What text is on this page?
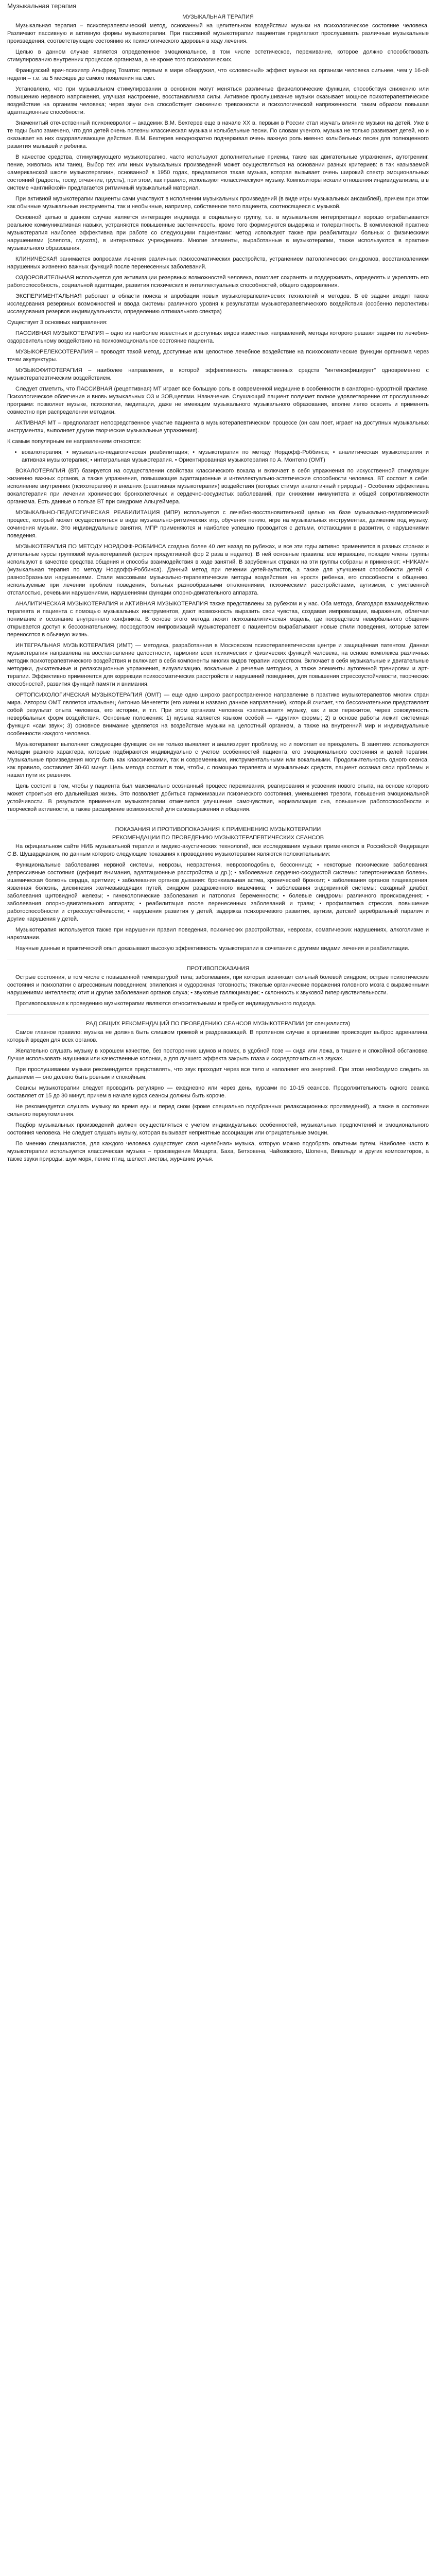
Музыкальная терапия
МУЗЫКАЛЬНАЯ ТЕРАПИЯ

Музыкальная терапия – психотерапевтический метод, основанный на целительном воздействии музыки на психологическое состояние человека. Различают пассивную и активную формы музыкотерапии. При пассивной музыкотерапии пациентам предлагают прослушивать различные музыкальные произведения, соответствующие состоянию их психологического здоровья в ходу лечения.

Целью в данном случае является определенное эмоциональное, в том числе эстетическое, переживание, которое должно способствовать стимулированию внутренних процессов организма, а не кроме того психологических.

Французский врач-психиатр Альфред Томатис первым в мире обнаружил, что «словесный» эффект музыки на организм человека сильнее, чем у 16-ой недели – т.е. за 5 месяцев до самого появления на свет.

Установлено, что при музыкальном стимулировании в основном могут меняться различные физиологические функции, способствуя снижению или повышению нервного напряжения, улучшая настроение, восстанавливая силы. Активное прослушивание музыки оказывает мощное психотерапевтическое воздействие на организм человека; через звуки она способствует снижению тревожности и психологической напряженности, таким образом повышая адаптационные способности.

Знаменитый отечественный психоневролог – академик В.М. Бехтерев еще в начале XX в. первым в России стал изучать влияние музыки на детей. Уже в те годы было замечено, что для детей очень полезны классическая музыка и колыбельные песни. По словам ученого, музыка не только развивает детей, но и оказывает на них оздоравливающее действие. В.М. Бехтерев неоднократно подчеркивал очень важную роль именно колыбельных песен для полноценного развития малышей и ребенка.

В качестве средства, стимулирующего музыкотерапию, часто используют дополнительные приемы, такие как двигательные упражнения, аутотренинг, пение, живопись или танец. Выбор тех или иных музыкальных произведений может осуществляться на основании разных критериев: в так называемой «американской школе музыкотерапии», основанной в 1950 годах, предлагается такая музыка, которая вызывает очень широкий спектр эмоциональных состояний (радость, тоску, отчаяние, грусть), при этом, как правило, используют «классическую» музыку. Композиторы искали отношения индивидуализма, а в системе «английской» предлагается ритмичный музыкальный материал.

При активной музыкотерапии пациенты сами участвуют в исполнении музыкальных произведений (в виде игры музыкальных ансамблей), причем при этом как обычные музыкальные инструменты, так и необычные, например, собственное тело пациента, соотносящееся с музыкой.

Основной целью в данном случае является интеграция индивида в социальную группу, т.е. в музыкальном интерпретации хорошо отрабатывается реальное коммуникативная навыки, устраняются повышенные застенчивость, кроме того формируются выдержка и толерантность. В комплексной практике музыкотерапия наиболее эффективна при работе со следующими пациентами: метод используют также при реабилитации больных с физическими нарушениями (слепота, глухота), в интернатных учреждениях. Многие элементы, выработанные в музыкотерапии, также используются в практике музыкального образования.

КЛИНИЧЕСКАЯ занимается вопросами лечения различных психосоматических расстройств, устранением патологических синдромов, восстановлением нарушенных жизненно важных функций после перенесенных заболеваний.

ОЗДОРОВИТЕЛЬНАЯ используется для активизации резервных возможностей человека, помогает сохранять и поддерживать, определять и укреплять его работоспособность, социальной адаптации, развития психических и интеллектуальных способностей, общего оздоровления.

ЭКСПЕРИМЕНТАЛЬНАЯ работает в области поиска и апробации новых музыкотерапевтических технологий и методов. В её задачи входит также исследования резервных возможностей и ввода системы различного уровня к результатам музыкотерапевтического воздействия (особенно перспективы исследования резервов индивидуальности, определению оптимального спектра)

Существует 3 основных направления:

ПАССИВНАЯ МУЗЫКОТЕРАПИЯ – одно из наиболее известных и доступных видов известных направлений, методы которого решают задачи по лечебно-оздоровительному воздействию на психоэмоциональное состояние пациента.

МУЗЫКОРЕЛЕКСОТЕРАПИЯ – проводят такой метод, доступные или целостное лечебное воздействие на психосоматические функции организма через точки акупунктуры.

МУЗЫКОФИТОТЕРАПИЯ – наиболее направления, в которой эффективность лекарственных средств "интенсифицирует" одновременно с музыкотерапевтическим воздействием.

Следует отметить, что ПАССИВНАЯ (рецептивная) МТ играет все большую роль в современной медицине в особенности в санаторно-курортной практике. Психологическое облегчение и вновь музыкальных ОЗ и ЗОВ,цепями. Назначение. Слушающий пациент получает полное удовлетворение от прослушанных программ: позволяет музыке, психологии, медитации, даже не имеющим музыкального музыкального образования, вполне легко освоить и применять совместно при распределении методики.

АКТИВНАЯ МТ – предполагает непосредственное участие пациента в музыкотерапевтическом процессе (он сам поет, играет на доступных музыкальных инструментах, выполняет другие творческие музыкальные упражнения).

К самым популярным ее направлениям относятся:

• вокалотерапия; • музыкально-педагогическая реабилитация; • музыкотерапия по методу Нордофф-Роббинса; • аналитическая музыкотерапия и активная музыкотерапия; • интегральная музыкотерапия. • Ориентированная музыкотерапия по А. Монтегю (ОМТ)

ВОКАЛОТЕРАПИЯ (ВТ) базируется на осуществлении свойствах классического вокала и включает в себя упражнения по искусственной стимуляции жизненно важных органов, а также упражнения, повышающие адаптационные и интеллектуально-эстетические способности человека. ВТ состоит в себе: исполнение внутренних (психотерапия) и внешних (реактивная музыкотерапия) воздействия (которых стимул аналогичный природы) - Особенно эффективна вокалотерапия при лечении хронических бронхолегочных и сердечно-сосудистых заболеваний, при снижении иммунитета и общей сопротивляемости организма. Есть данные о пользе ВТ при синдроме Альцгеймера.

МУЗЫКАЛЬНО-ПЕДАГОГИЧЕСКАЯ РЕАБИЛИТАЦИЯ (МПР) используется с лечебно-восстановительной целью на базе музыкально-педагогический процесс, который может осуществляться в виде музыкально-ритмических игр, обучения пению, игре на музыкальных инструментах, движение под музыку, сочинения музыки. Это индивидуальные занятия, МПР применяются и наиболее успешно проводится с детьми, отстающими в развитии, с нарушениями поведения.

МУЗЫКОТЕРАПИЯ ПО МЕТОДУ НОРДОФФ-РОББИНСА создана более 40 лет назад по рубежах, и все эти годы активно применяется в разных странах и длительные курсы групповой музыкотерапией (встреч продуктивной фор 2 раза в неделю). В ней основные правила: все играющие, поющие члены группы используют в качестве средства общения и способы взаимодействия в ходе занятий. В зарубежных странах на эти группы собраны и применяют: «НИКАМ» (музыкальная терапия по методу Нордофф-Роббинса). Данный метод при лечении детей-аутистов, а также для улучшения способности детей с разнообразными нарушениями. Стали массовыми музыкально-терапевтические методы воздействия на «рост» ребенка, его способности к общению, используемые при лечении проблем поведения, больных разнообразными отклонениями, психическими расстройствами, аутизмом, с умственной отсталостью, речевыми нарушениями, нарушениями функции опорно-двигательного аппарата.

АНАЛИТИЧЕСКАЯ МУЗЫКОТЕРАПИЯ и АКТИВНАЯ МУЗЫКОТЕРАПИЯ также представлены за рубежом и у нас. Оба метода, благодаря взаимодействию терапевта и пациента с помощью музыкальных инструментов, дают возможность выразить свои чувства, создавая импровизации, выражения, облегчая понимание и осознание внутреннего конфликта. В основе этого метода лежит психоаналитическая модель, где посредством невербального общения открывается доступ к бессознательному, посредством импровизаций музыкотерапевт с пациентом вырабатывают новые стили поведения, которые затем переносятся в обычную жизнь.

ИНТЕГРАЛЬНАЯ МУЗЫКОТЕРАПИЯ (ИМТ) — методика, разработанная в Московском психотерапевтическом центре и защищённая патентом. Данная музыкотерапия направлена на восстановление целостности, гармонии всех психических и физических функций человека, на основе комплекса различных методик психотерапевтического воздействия и включает в себя компоненты многих видов терапии искусством. Включает в себя музыкальные и двигательные методики, дыхательные и релаксационные упражнения, визуализацию, вокальные и речевые методики, а также элементы аутогенной тренировки и арт-терапии. Эффективно применяется для коррекции психосоматических расстройств и нарушений поведения, для повышения стрессоустойчивости, творческих способностей, развития функций памяти и внимания.

ОРТОПСИХОЛОГИЧЕСКАЯ МУЗЫКОТЕРАПИЯ (ОМТ) — еще одно широко распространенное направление в практике музыкотерапевтов многих стран мира. Автором ОМТ является итальянец Антонио Менегетти (его имени и названо данное направление), который считает, что бессознательное представляет собой результат опыта человека, его истории, и т.п. При этом организм человека «записывает» музыку, как и все пережитое, через совокупность невербальных форм воздействия. Основные положения: 1) музыка является языком особой — «других» формы; 2) в основе работы лежит системная функция «сам звук»; 3) основное внимание уделяется на воздействие музыки на целостный организм, а также на внутренний мир и индивидуальные особенности каждого человека.

Музыкотерапевт выполняет следующие функции: он не только выявляет и анализирует проблему, но и помогает ее преодолеть. В занятиях используются мелодии разного характера, которые подбираются индивидуально с учетом особенностей пациента, его эмоционального состояния и целей терапии. Музыкальные произведения могут быть как классическими, так и современными, инструментальными или вокальными. Продолжительность одного сеанса, как правило, составляет 30-60 минут. Цель метода состоит в том, чтобы, с помощью терапевта и музыкальных средств, пациент осознал свои проблемы и нашел пути их решения.

Цель состоит в том, чтобы у пациента был максимально осознанный процесс переживания, реагирования и усвоения нового опыта, на основе которого может строиться его дальнейшая жизнь. Это позволяет добиться гармонизации психического состояния, уменьшения тревоги, повышения эмоциональной устойчивости. В результате применения музыкотерапии отмечается улучшение самочувствия, нормализация сна, повышение работоспособности и творческой активности, а также расширение возможностей для самовыражения и общения.

ПОКАЗАНИЯ И ПРОТИВОПОКАЗАНИЯ К ПРИМЕНЕНИЮ МУЗЫКОТЕРАПИИ
РЕКОМЕНДАЦИИ ПО ПРОВЕДЕНИЮ МУЗЫКОТЕРАПЕВТИЧЕСКИХ СЕАНСОВ

На официальном сайте НИБ музыкальной терапии и медико-акустических технологий, все исследования музыки применяются в Российской Федерации С.В. Шушарджаном, по данным которого следующие показания к проведению музыкотерапии являются положительными:

Функциональные заболевания нервной системы, неврозы, неврастения, неврозоподобные, бессонница; • некоторые психические заболевания: депрессивные состояния (дефицит внимания, адаптационные расстройства и др.); • заболевания сердечно-сосудистой системы: гипертоническая болезнь, ишемическая болезнь сердца, аритмии; • заболевания органов дыхания: бронхиальная астма, хронический бронхит; • заболевания органов пищеварения: язвенная болезнь, дискинезия желчевыводящих путей, синдром раздраженного кишечника; • заболевания эндокринной системы: сахарный диабет, заболевания щитовидной железы; • гинекологические заболевания и патология беременности; • болевые синдромы различного происхождения; • заболевания опорно-двигательного аппарата; • реабилитация после перенесенных заболеваний и травм; • профилактика стрессов, повышение работоспособности и стрессоустойчивости; • нарушения развития у детей, задержка психоречевого развития, аутизм, детский церебральный паралич и другие нарушения у детей.

Музыкотерапия используется также при нарушении правил поведения, психических расстройствах, неврозах, соматических нарушениях, алкоголизме и наркомании.

Научные данные и практический опыт доказывают высокую эффективность музыкотерапии в сочетании с другими видами лечения и реабилитации.

ПРОТИВОПОКАЗАНИЯ

Острые состояния, в том числе с повышенной температурой тела; заболевания, при которых возникает сильный болевой синдром; острые психотические состояния и психопатии с агрессивным поведением; эпилепсия и судорожная готовность; тяжелые органические поражения головного мозга с выраженными нарушениями интеллекта; отит и другие заболевания органов слуха; • звуковые галлюцинации; • склонность к звуковой гиперчувствительности.

Противопоказания к проведению музыкотерапии являются относительными и требуют индивидуального подхода.

РАД ОБЩИХ РЕКОМЕНДАЦИЙ ПО ПРОВЕДЕНИЮ СЕАНСОВ МУЗЫКОТЕРАПИИ (от специалиста)

Самое главное правило: музыка не должна быть слишком громкой и раздражающей. В противном случае в организме происходит выброс адреналина, который вреден для всех органов.

Желательно слушать музыку в хорошем качестве, без посторонних шумов и помех, в удобной позе — сидя или лежа, в тишине и спокойной обстановке. Лучше использовать наушники или качественные колонки, а для лучшего эффекта закрыть глаза и сосредоточиться на звуках.

При прослушивании музыки рекомендуется представлять, что звук проходит через все тело и наполняет его энергией. При этом необходимо следить за дыханием — оно должно быть ровным и спокойным.

Сеансы музыкотерапии следует проводить регулярно — ежедневно или через день, курсами по 10-15 сеансов. Продолжительность одного сеанса составляет от 15 до 30 минут, причем в начале курса сеансы должны быть короче.

Не рекомендуется слушать музыку во время еды и перед сном (кроме специально подобранных релаксационных произведений), а также в состоянии сильного переутомления.

Подбор музыкальных произведений должен осуществляться с учетом индивидуальных особенностей, музыкальных предпочтений и эмоционального состояния человека. Не следует слушать музыку, которая вызывает неприятные ассоциации или отрицательные эмоции.

По мнению специалистов, для каждого человека существует своя «целебная» музыка, которую можно подобрать опытным путем. Наиболее часто в музыкотерапии используется классическая музыка – произведения Моцарта, Баха, Бетховена, Чайковского, Шопена, Вивальди и других композиторов, а также звуки природы: шум моря, пение птиц, шелест листвы, журчание ручья.
